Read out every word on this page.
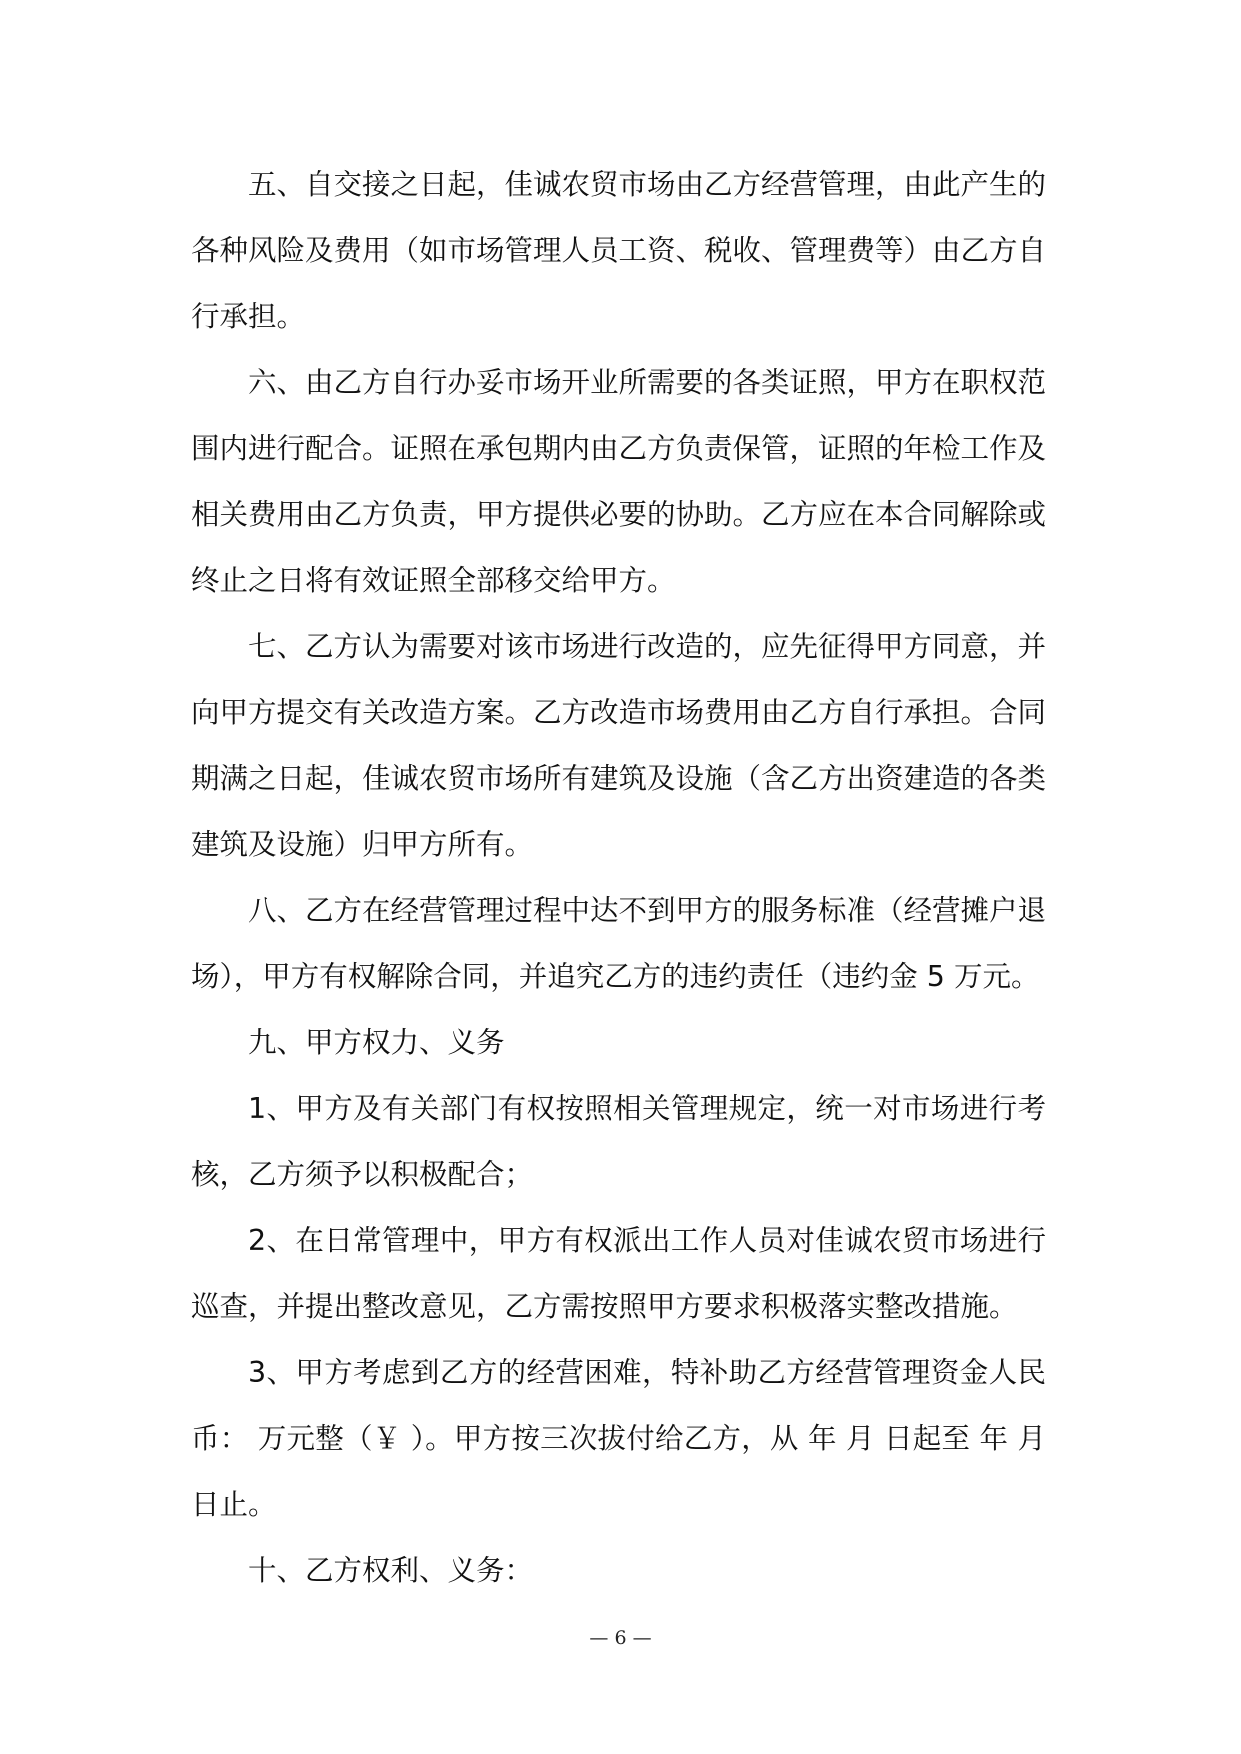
五、自交接之日起，佳诚农贸市场由乙方经营管理，由此产生的各种风险及费用（如市场管理人员工资、税收、管理费等）由乙方自行承担。

六、由乙方自行办妥市场开业所需要的各类证照，甲方在职权范围内进行配合。证照在承包期内由乙方负责保管，证照的年检工作及相关费用由乙方负责，甲方提供必要的协助。乙方应在本合同解除或终止之日将有效证照全部移交给甲方。

七、乙方认为需要对该市场进行改造的，应先征得甲方同意，并向甲方提交有关改造方案。乙方改造市场费用由乙方自行承担。合同期满之日起，佳诚农贸市场所有建筑及设施（含乙方出资建造的各类建筑及设施）归甲方所有。

八、乙方在经营管理过程中达不到甲方的服务标准（经营摊户退场），甲方有权解除合同，并追究乙方的违约责任（违约金 5 万元。

九、甲方权力、义务

1、甲方及有关部门有权按照相关管理规定，统一对市场进行考核，乙方须予以积极配合；

2、在日常管理中，甲方有权派出工作人员对佳诚农贸市场进行巡查，并提出整改意见，乙方需按照甲方要求积极落实整改措施。

3、甲方考虑到乙方的经营困难，特补助乙方经营管理资金人民币： 万元整（￥ ）。甲方按三次拔付给乙方，从 年 月 日起至 年 月 日止。

十、乙方权利、义务：

— 6 —
